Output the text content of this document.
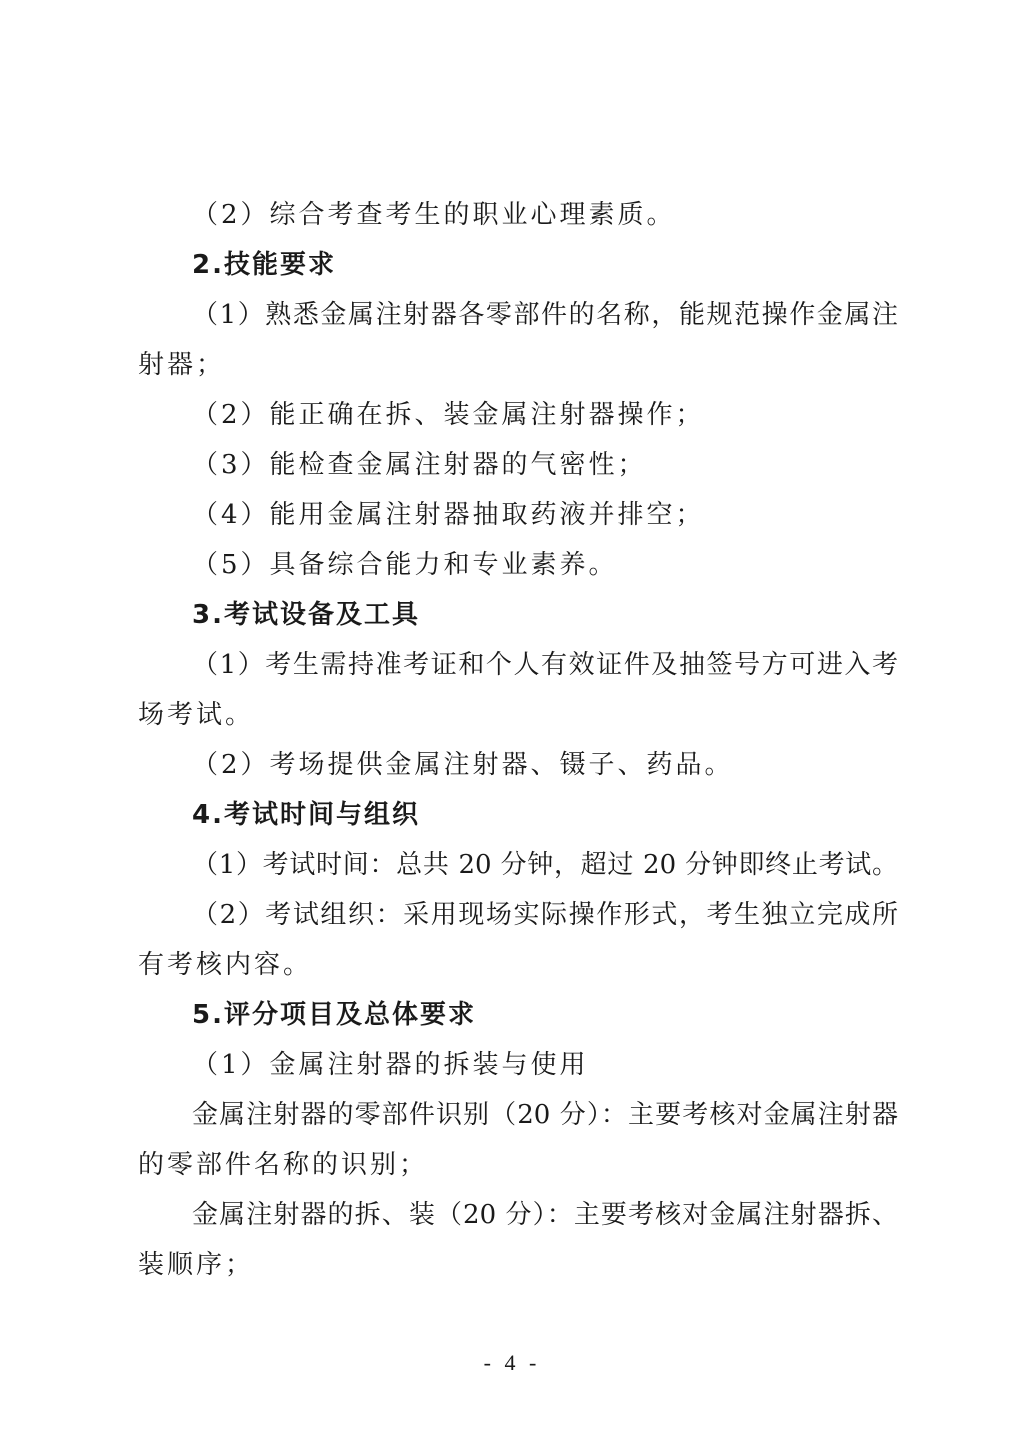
（2）综合考查考生的职业心理素质。

2.技能要求

（1）熟悉金属注射器各零部件的名称，能规范操作金属注

射器；

（2）能正确在拆、装金属注射器操作；

（3）能检查金属注射器的气密性；

（4）能用金属注射器抽取药液并排空；

（5）具备综合能力和专业素养。

3.考试设备及工具

（1）考生需持准考证和个人有效证件及抽签号方可进入考

场考试。

（2）考场提供金属注射器、镊子、药品。

4.考试时间与组织

（1）考试时间：总共 20 分钟，超过 20 分钟即终止考试。

（2）考试组织：采用现场实际操作形式，考生独立完成所

有考核内容。

5.评分项目及总体要求

（1）金属注射器的拆装与使用

金属注射器的零部件识别（20 分）：主要考核对金属注射器

的零部件名称的识别；

金属注射器的拆、装（20 分）：主要考核对金属注射器拆、

装顺序；

- 4 -
